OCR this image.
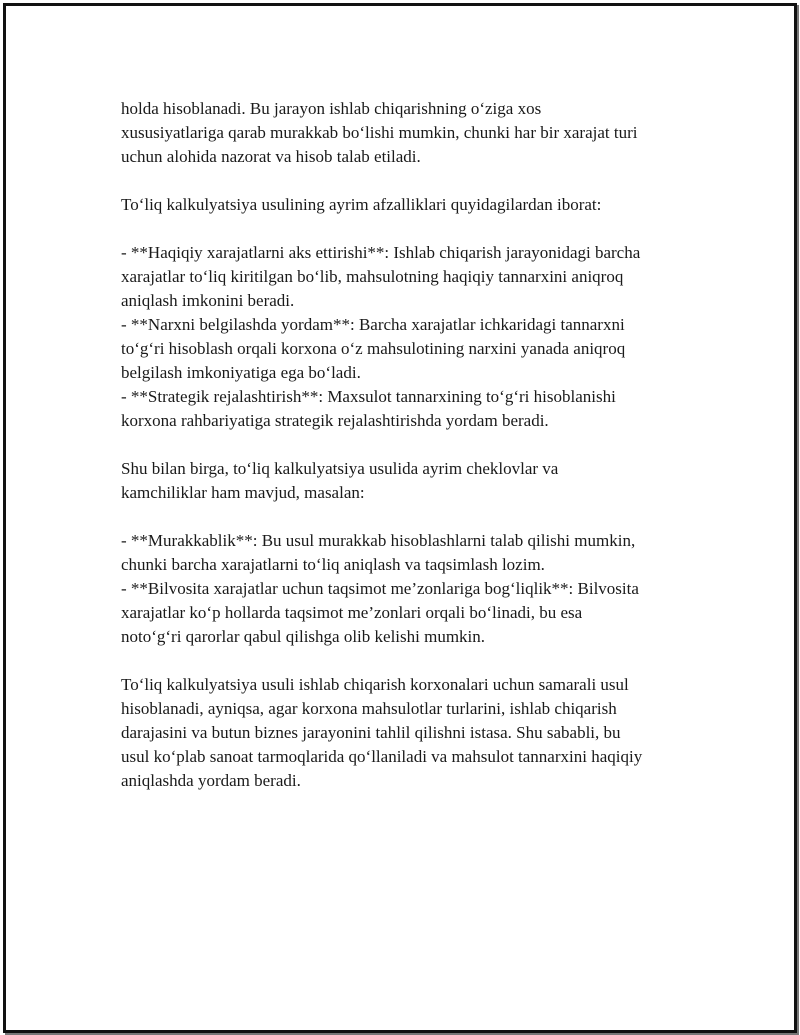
holda hisoblanadi. Bu jarayon ishlab chiqarishning o‘ziga xos
xususiyatlariga qarab murakkab bo‘lishi mumkin, chunki har bir xarajat turi
uchun alohida nazorat va hisob talab etiladi.

To‘liq kalkulyatsiya usulining ayrim afzalliklari quyidagilardan iborat:

- **Haqiqiy xarajatlarni aks ettirishi**: Ishlab chiqarish jarayonidagi barcha
xarajatlar to‘liq kiritilgan bo‘lib, mahsulotning haqiqiy tannarxini aniqroq
aniqlash imkonini beradi.
- **Narxni belgilashda yordam**: Barcha xarajatlar ichkaridagi tannarxni
to‘g‘ri hisoblash orqali korxona o‘z mahsulotining narxini yanada aniqroq
belgilash imkoniyatiga ega bo‘ladi.
- **Strategik rejalashtirish**: Maxsulot tannarxining to‘g‘ri hisoblanishi
korxona rahbariyatiga strategik rejalashtirishda yordam beradi.

Shu bilan birga, to‘liq kalkulyatsiya usulida ayrim cheklovlar va
kamchiliklar ham mavjud, masalan:

- **Murakkablik**: Bu usul murakkab hisoblashlarni talab qilishi mumkin,
chunki barcha xarajatlarni to‘liq aniqlash va taqsimlash lozim.
- **Bilvosita xarajatlar uchun taqsimot me’zonlariga bog‘liqlik**: Bilvosita
xarajatlar ko‘p hollarda taqsimot me’zonlari orqali bo‘linadi, bu esa
noto‘g‘ri qarorlar qabul qilishga olib kelishi mumkin.

To‘liq kalkulyatsiya usuli ishlab chiqarish korxonalari uchun samarali usul
hisoblanadi, ayniqsa, agar korxona mahsulotlar turlarini, ishlab chiqarish
darajasini va butun biznes jarayonini tahlil qilishni istasa. Shu sababli, bu
usul ko‘plab sanoat tarmoqlarida qo‘llaniladi va mahsulot tannarxini haqiqiy
aniqlashda yordam beradi.
